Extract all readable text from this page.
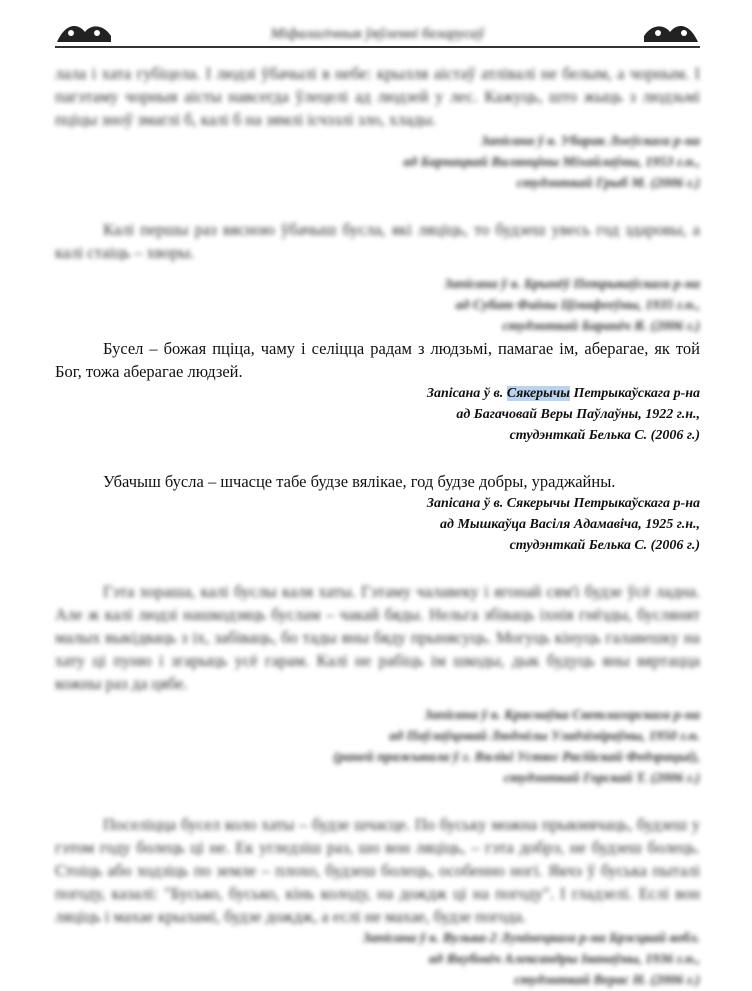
Міфалагічныя ўяўленні беларусаў

лала і хата губіцела. І людзі ўбачылі в небе: крылля аістаў атлівалі не белым, а чорным. І пагэтаму чорныя аісты навсегда ўлецелі ад людзей у лес. Кажуць, што жыць з людзьмі пціцы зноў змаглі б, калі б на зямлі ісчэзлі зло, хлады.

Запісана ў в. Убарак Лоеўскага р-на

ад Барнацкай Валянціны Міхайлаўны, 1953 г.н.,

студэнткай Грыб М. (2006 г.)

Калі першы раз вясною ўбачыш бусла, які ляціць, то будзеш увесь год здаровы, а калі стаіць – хворы.

Запісана ў в. Брынёў Петрыкаўскага р-на

ад Субат Фаіны Цімафееўны, 1935 г.н.,

студэнткай Бараніч Я. (2006 г.)

Бусел – божая пціца, чаму і селіцца радам з людзьмі, памагае ім, аберагае, як той Бог, тожа аберагае людзей.

Запісана ў в. Сякерычы Петрыкаўскага р-на

ад Багачовай Веры Паўлаўны, 1922 г.н.,

студэнткай Белька С. (2006 г.)

Убачыш бусла – шчасце табе будзе вялікае, год будзе добры, ураджайны.

Запісана ў в. Сякерычы Петрыкаўскага р-на

ад Мышкаўца Васіля Адамавіча, 1925 г.н.,

студэнткай Белька С. (2006 г.)

Гэта хораша, калі буслы каля хаты. Гэтаму чалавеку і ягонай сям'і будзе ўсё ладна. Але ж калі людзі нашкодзяць буслам – чакай бяды. Нельга збіваць іхнія гнёзды, буслянят малых выкідваць з іх, забіваць, бо тады яны бяду прынясуць. Могуць кінуць галавешку на хату ці пуню і згарыць усё гарам. Калі не рабіць ім шкоды, дык будуць яны вяртацца кожны раз да цябе.

Запісана ў в. Краснаўка Светлагорскага р-на

ад Паўлаўцовай Людмілы Уладзіміраўны, 1950 г.н.

(раней пражывала ў г. Вялікі Устюг Расійскай Федэрацыі),

студэнткай Горскай Т. (2006 г.)

Поселіцца бусел коло хаты – будзе шчасце. По буську можна прыкмячаць, будзеш у гэтом году болець ці не. Ек угледзіш раз, шо вон ляціць, – гэта добрэ, не будзеш болець. Стоіць або ходзіць по земле – плохо, будзеш болець, особенно ногі. Якчэ ў буська пыталі погоду, казалі: "Бусько, бусько, кінь колоду, на дождж ці на погоду". І гладзелі. Еслі вон ляціць і махае крыламі, будзе дождж, а еслі не махае, будзе погода.

Запісана ў в. Вулька-2 Лунінецкага р-на Брэсцкай вобл.

ад Якубовіч Александры Іванаўны, 1936 г.н.,

студэнткай Верас Н. (2006 г.)
